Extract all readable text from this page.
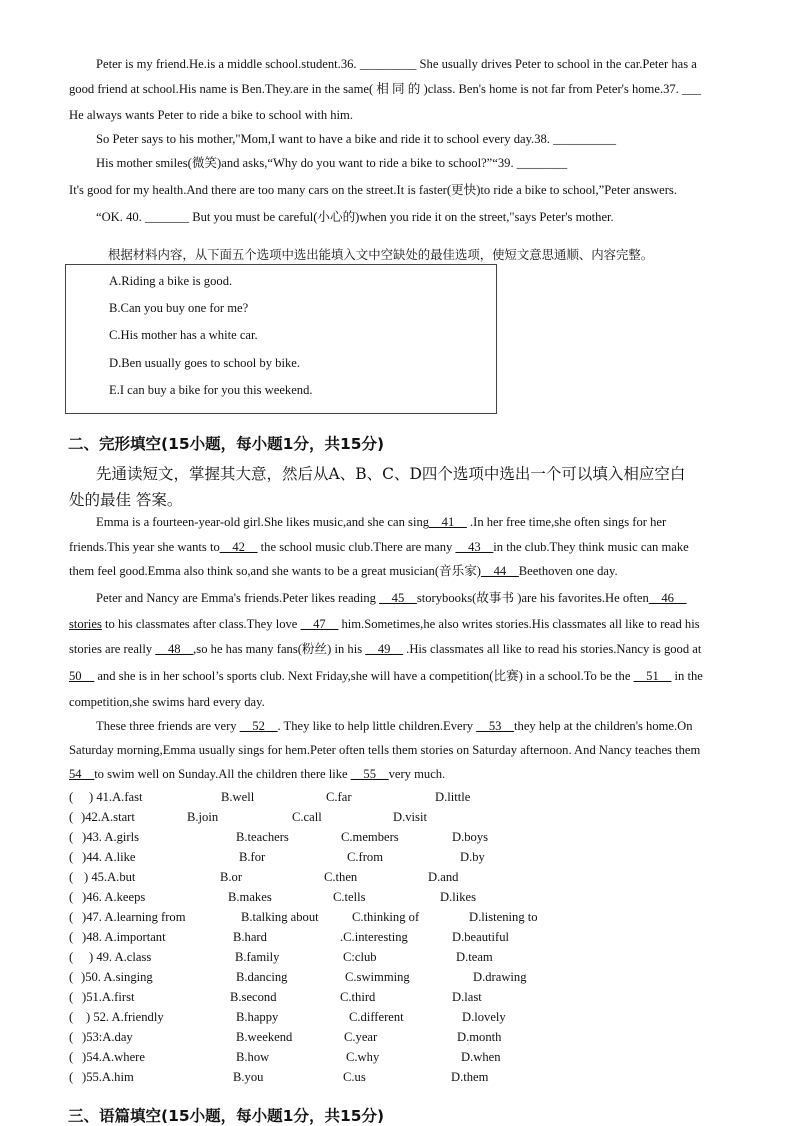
Peter is my friend.He.is a middle school.student.36. _________ She usually drives Peter to school in the car.Peter has a
good friend at school.His name is Ben.They.are in the same( 相 同 的 )class. Ben's home is not far from Peter's home.37. ___
He always wants Peter to ride a bike to school with him.
So Peter says to his mother,"Mom,I want to have a bike and ride it to school every day.38. __________
His mother smiles(微笑)and asks,“Why do you want to ride a bike to school?”“39. ________
It's good for my health.And there are too many cars on the street.It is faster(更快)to ride a bike to school,”Peter answers.
“OK. 40. _______ But you must be careful(小心的)when you ride it on the street,"says Peter's mother.
根据材料内容，从下面五个选项中选出能填入文中空缺处的最佳选项，使短文意思通顺、内容完整。
A.Riding a bike is good.
B.Can you buy one for me?
C.His mother has a white car.
D.Ben usually goes to school by bike.
E.I can buy a bike for you this weekend.
二、完形填空(15小题，每小题1分，共15分)
先通读短文，掌握其大意，然后从A、B、C、D四个选项中选出一个可以填入相应空白
处的最佳 答案。
Emma is a fourteen-year-old girl.She likes music,and she can sing__41__ .In her free time,she often sings for her
friends.This year she wants to__42__ the school music club.There are many __43__in the club.They think music can make
them feel good.Emma also think so,and she wants to be a great musician(音乐家)__44__Beethoven one day.
Peter and Nancy are Emma's friends.Peter likes reading __45__storybooks(故事书 )are his favorites.He often__46__
stories to his classmates after class.They love __47__ him.Sometimes,he also writes stories.His classmates all like to read his
stories are really __48__,so he has many fans(粉丝) in his __49__ .His classmates all like to read his stories.Nancy is good at
50__ and she is in her school’s sports club. Next Friday,she will have a competition(比赛) in a school.To be the __51__ in the
competition,she swims hard every day.
These three friends are very __52__. They like to help little children.Every __53__they help at the children's home.On
Saturday morning,Emma usually sings for hem.Peter often tells them stories on Saturday afternoon. And Nancy teaches them
54__to swim well on Sunday.All the children there like __55__very much.
( ) 41.A.fast	B.well	C.far	D.little
( )42.A.start	B.join	C.call	D.visit
( )43. A.girls	B.teachers	C.members	D.boys
( )44. A.like	B.for	C.from	D.by
( ) 45.A.but	B.or	C.then	D.and
( )46. A.keeps	B.makes	C.tells	D.likes
( )47. A.learning from	B.talking about	C.thinking of	D.listening to
( )48. A.important	B.hard	.C.interesting	D.beautiful
( ) 49. A.class	B.family	C:club	D.team
( )50. A.singing	B.dancing	C.swimming	D.drawing
( )51.A.first	B.second	C.third	D.last
( ) 52. A.friendly	B.happy	C.different	D.lovely
( )53:A.day	B.weekend	C.year	D.month
( )54.A.where	B.how	C.why	D.when
( )55.A.him	B.you	C.us	D.them
三、语篇填空(15小题，每小题1分，共15分)
